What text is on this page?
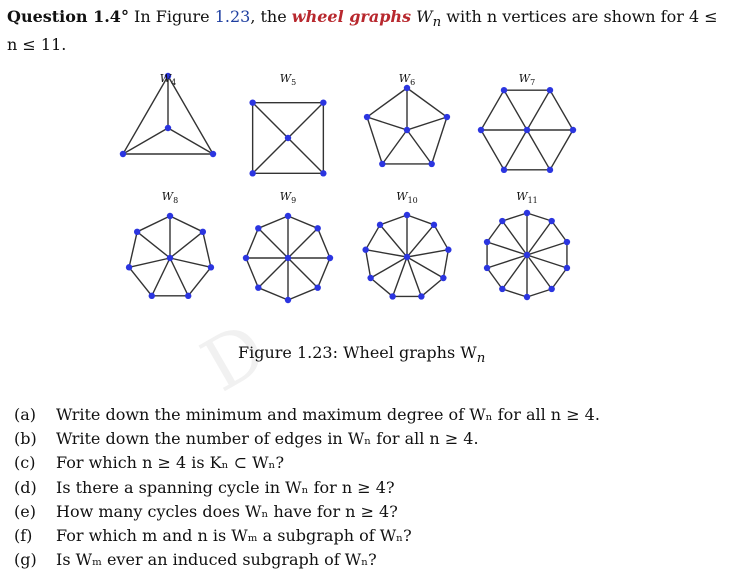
Question 1.4° In Figure 1.23, the wheel graphs $W_n$ with n vertices are shown for 4 ≤
n ≤ 11.
$W_4$	$W_5$	$W_6$	$W_7$
$W_8$	$W_9$	$W_{10}$	$W_{11}$
D
Figure 1.23: Wheel graphs $W_n$
(a)	Write down the minimum and maximum degree of Wₙ for all n ≥ 4.
(b)	Write down the number of edges in Wₙ for all n ≥ 4.
(c)	For which n ≥ 4 is Kₙ ⊂ Wₙ?
(d)	Is there a spanning cycle in Wₙ for n ≥ 4?
(e)	How many cycles does Wₙ have for n ≥ 4?
(f)	For which m and n is Wₘ a subgraph of Wₙ?
(g)	Is Wₘ ever an induced subgraph of Wₙ?
